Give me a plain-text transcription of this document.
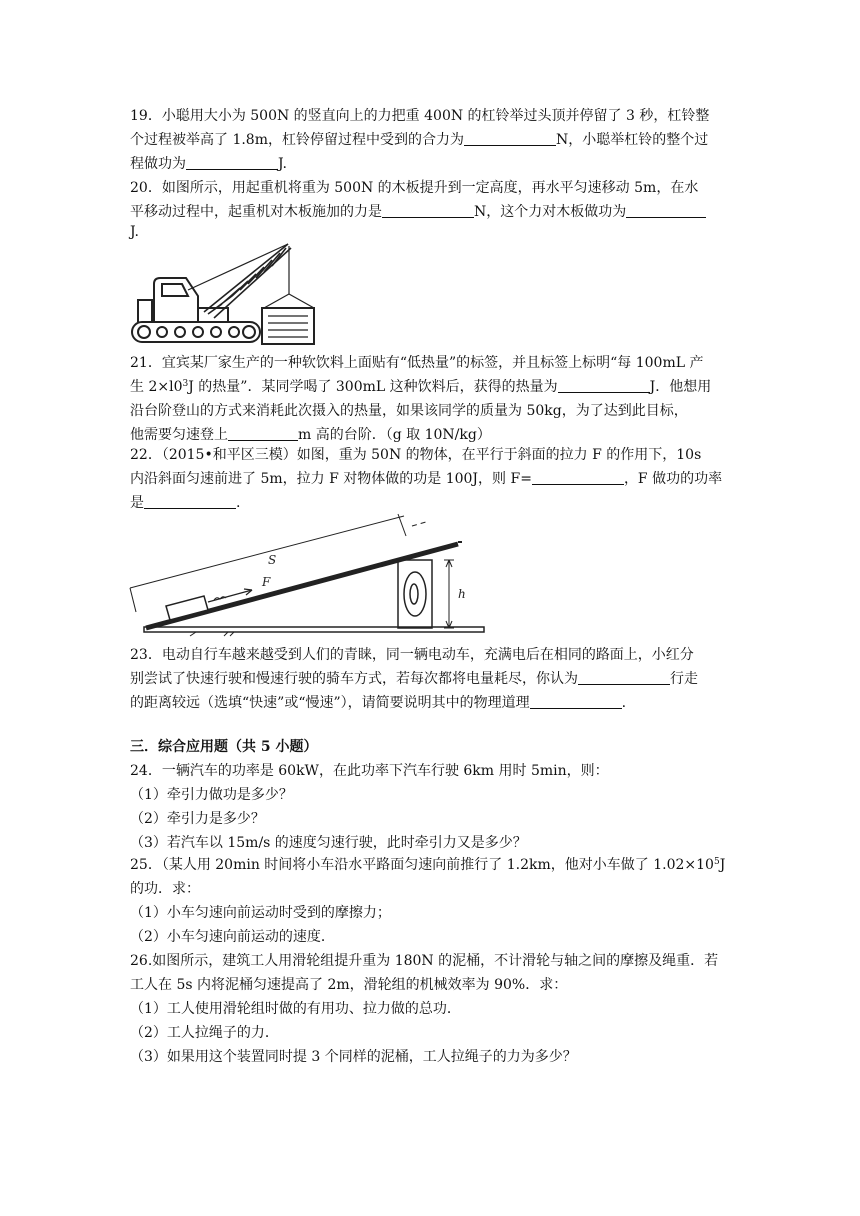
19．小聪用大小为 500N 的竖直向上的力把重 400N 的杠铃举过头顶并停留了 3 秒，杠铃整
个过程被举高了 1.8m，杠铃停留过程中受到的合力为	N，小聪举杠铃的整个过
程做功为	J.
20．如图所示，用起重机将重为 500N 的木板提升到一定高度，再水平匀速移动 5m，在水
平移动过程中，起重机对木板施加的力是	N，这个力对木板做功为
J.
21．宜宾某厂家生产的一种软饮料上面贴有“低热量”的标签，并且标签上标明“每 100mL 产
生 $2\times l0^3J$ 的热量”．某同学喝了 300mL 这种饮料后，获得的热量为	J．他想用
沿台阶登山的方式来消耗此次摄入的热量，如果该同学的质量为 50kg，为了达到此目标，
他需要匀速登上	m 高的台阶．（g 取 10N/kg）
22．（2015•和平区三模）如图，重为 50N 的物体，在平行于斜面的拉力 F 的作用下，10s
内沿斜面匀速前进了 5m，拉力 F 对物体做的功是 100J，则 F=	，F 做功的功率
是	.
S
F
h
23．电动自行车越来越受到人们的青睐，同一辆电动车，充满电后在相同的路面上，小红分
别尝试了快速行驶和慢速行驶的骑车方式，若每次都将电量耗尽，你认为	行走
的距离较远（选填“快速”或“慢速”），请简要说明其中的物理道理	.
三．综合应用题（共 5 小题）
24．一辆汽车的功率是 60kW，在此功率下汽车行驶 6km 用时 5min，则：
（1）牵引力做功是多少？
（2）牵引力是多少？
（3）若汽车以 15m/s 的速度匀速行驶，此时牵引力又是多少？
25．（某人用 20min 时间将小车沿水平路面匀速向前推行了 1.2km，他对小车做了 $1.02\times 10^5J$
的功．求：
（1）小车匀速向前运动时受到的摩擦力；
（2）小车匀速向前运动的速度．
26.如图所示，建筑工人用滑轮组提升重为 180N 的泥桶，不计滑轮与轴之间的摩擦及绳重．若
工人在 5s 内将泥桶匀速提高了 2m，滑轮组的机械效率为 90%．求：
（1）工人使用滑轮组时做的有用功、拉力做的总功．
（2）工人拉绳子的力．
（3）如果用这个装置同时提 3 个同样的泥桶，工人拉绳子的力为多少？
